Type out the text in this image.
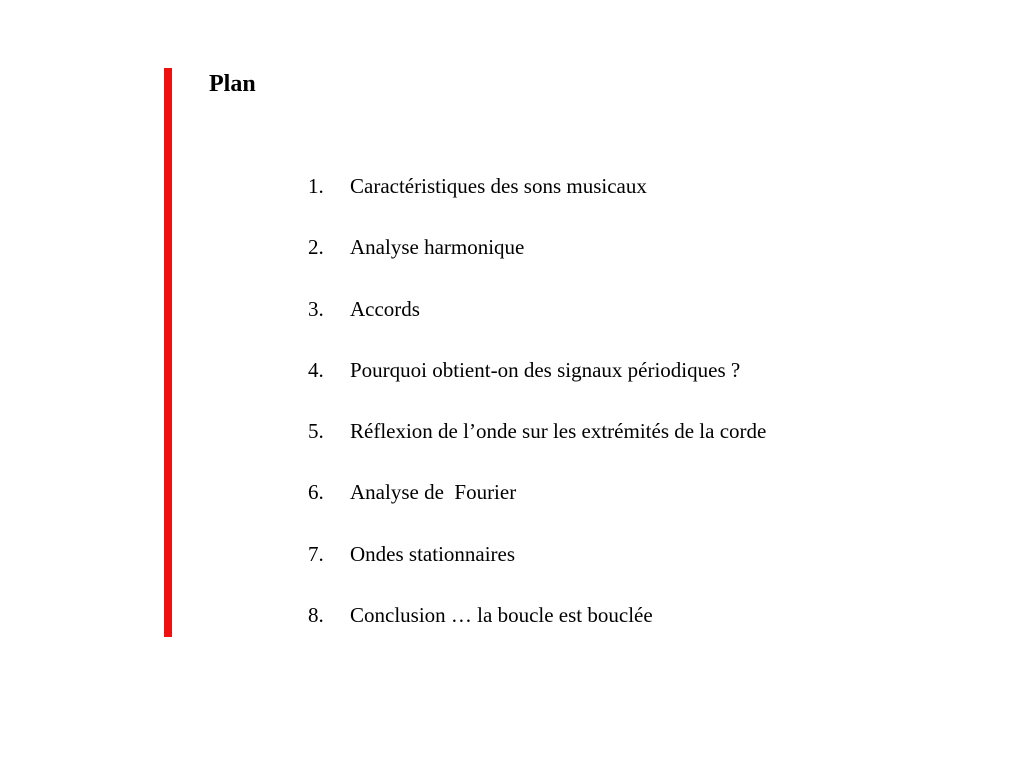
Plan
1. Caractéristiques des sons musicaux
2. Analyse harmonique
3. Accords
4. Pourquoi obtient-on des signaux périodiques ?
5. Réflexion de l’onde sur les extrémités de la corde
6. Analyse de  Fourier
7. Ondes stationnaires
8. Conclusion … la boucle est bouclée
